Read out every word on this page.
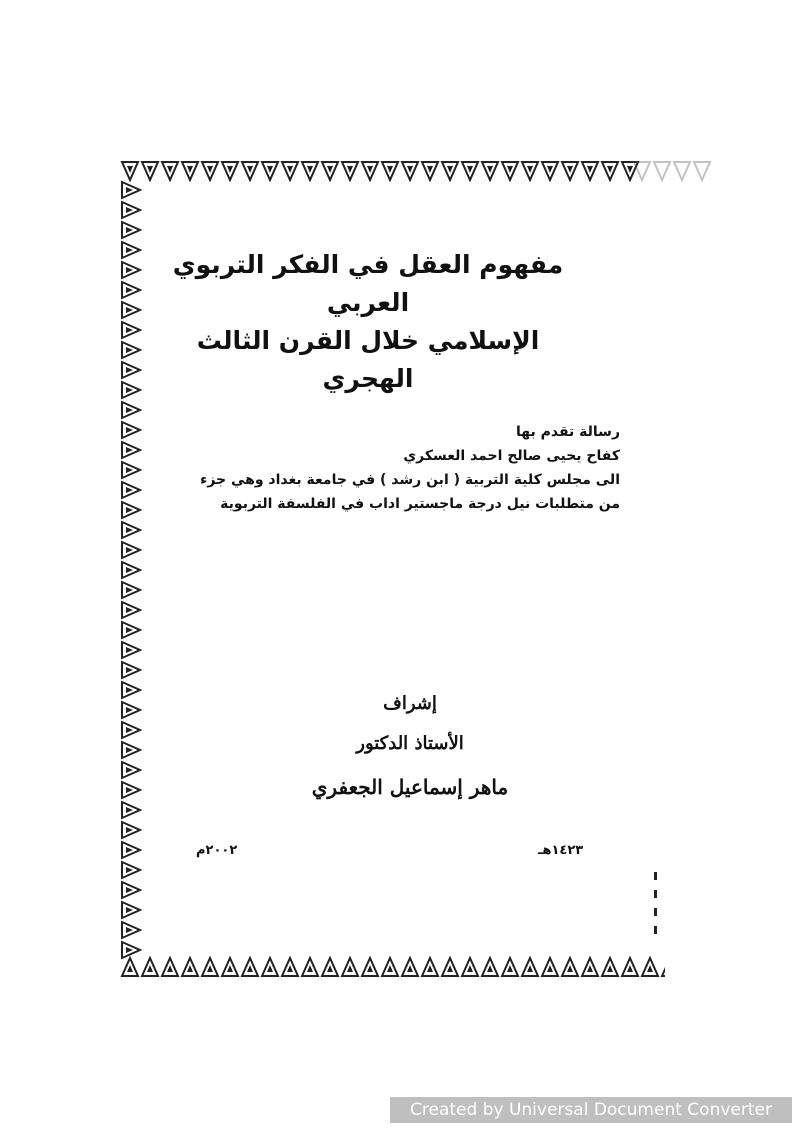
مفهوم العقل في الفكر التربوي العربي
الإسلامي خلال القرن الثالث الهجري
رسالة تقدم بها
كفاح يحيى صالح احمد العسكري
الى مجلس كلية التربية ( ابن رشد ) في جامعة بغداد وهي جزء
من متطلبات نيل درجة ماجستير اداب في الفلسفة التربوية
إشراف
الأستاذ الدكتور
ماهر إسماعيل الجعفري
١٤٢٣هـ
٢٠٠٢م
Created by Universal Document Converter
